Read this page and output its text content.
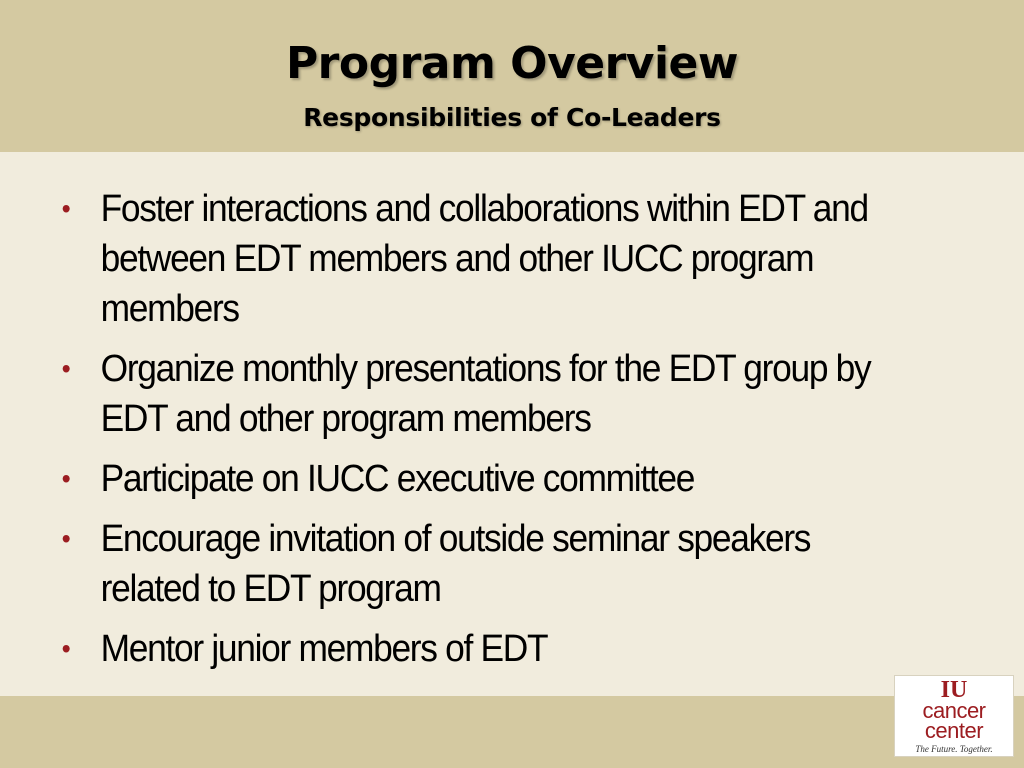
Program Overview
Responsibilities of Co-Leaders
• Foster interactions and collaborations within EDT and between EDT members and other IUCC program members
• Organize monthly presentations for the EDT group by EDT and other program members
• Participate on IUCC executive committee
• Encourage invitation of outside seminar speakers related to EDT program
• Mentor junior members of EDT
IU
cancer
center
The Future. Together.
